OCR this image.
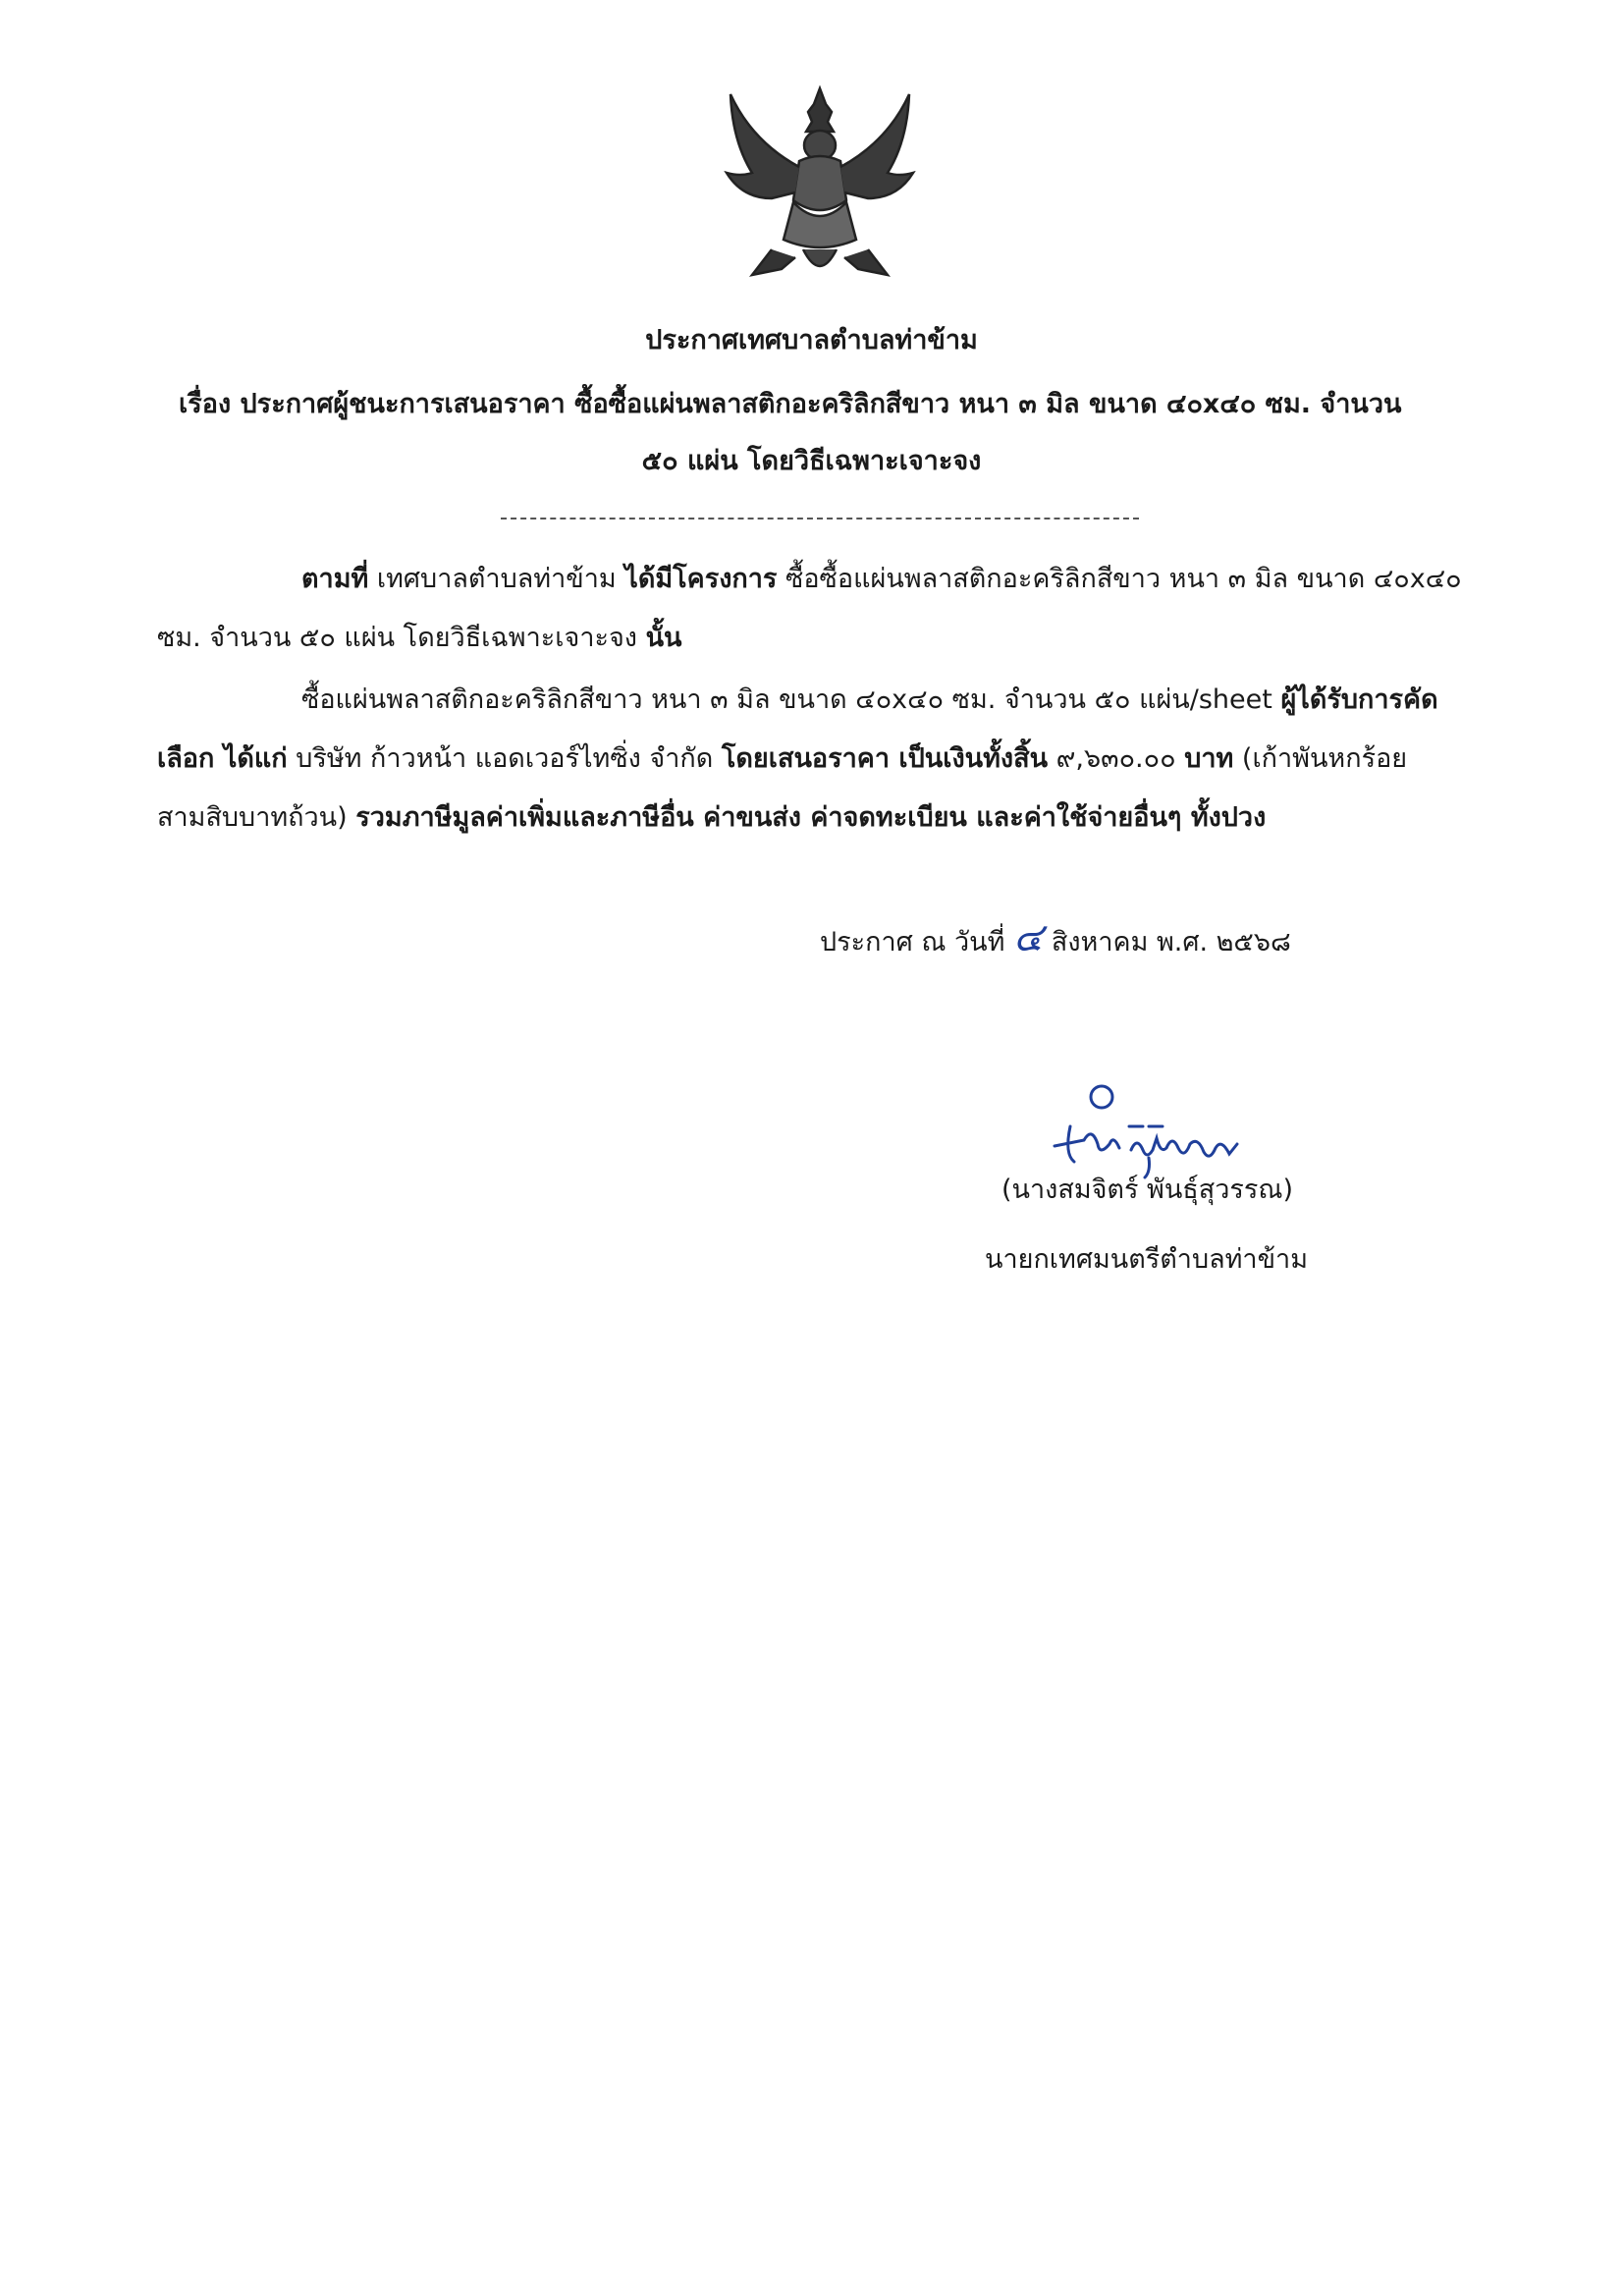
ประกาศเทศบาลตำบลท่าข้าม
เรื่อง ประกาศผู้ชนะการเสนอราคา ซื้อซื้อแผ่นพลาสติกอะคริลิกสีขาว หนา ๓ มิล ขนาด ๔๐x๔๐ ซม. จำนวน
๕๐ แผ่น โดยวิธีเฉพาะเจาะจง
ตามที่ เทศบาลตำบลท่าข้าม ได้มีโครงการ ซื้อซื้อแผ่นพลาสติกอะคริลิกสีขาว หนา ๓ มิล ขนาด ๔๐x๔๐
ซม. จำนวน ๕๐ แผ่น โดยวิธีเฉพาะเจาะจง นั้น
ซื้อแผ่นพลาสติกอะคริลิกสีขาว หนา ๓ มิล ขนาด ๔๐x๔๐ ซม. จำนวน ๕๐ แผ่น/sheet ผู้ได้รับการคัด
เลือก ได้แก่ บริษัท ก้าวหน้า แอดเวอร์ไทซิ่ง จำกัด โดยเสนอราคา เป็นเงินทั้งสิ้น ๙,๖๓๐.๐๐ บาท (เก้าพันหกร้อย
สามสิบบาทถ้วน) รวมภาษีมูลค่าเพิ่มและภาษีอื่น ค่าขนส่ง ค่าจดทะเบียน และค่าใช้จ่ายอื่นๆ ทั้งปวง
ประกาศ ณ วันที่ ๔ สิงหาคม พ.ศ. ๒๕๖๘
(นางสมจิตร์ พันธุ์สุวรรณ)
นายกเทศมนตรีตำบลท่าข้าม
